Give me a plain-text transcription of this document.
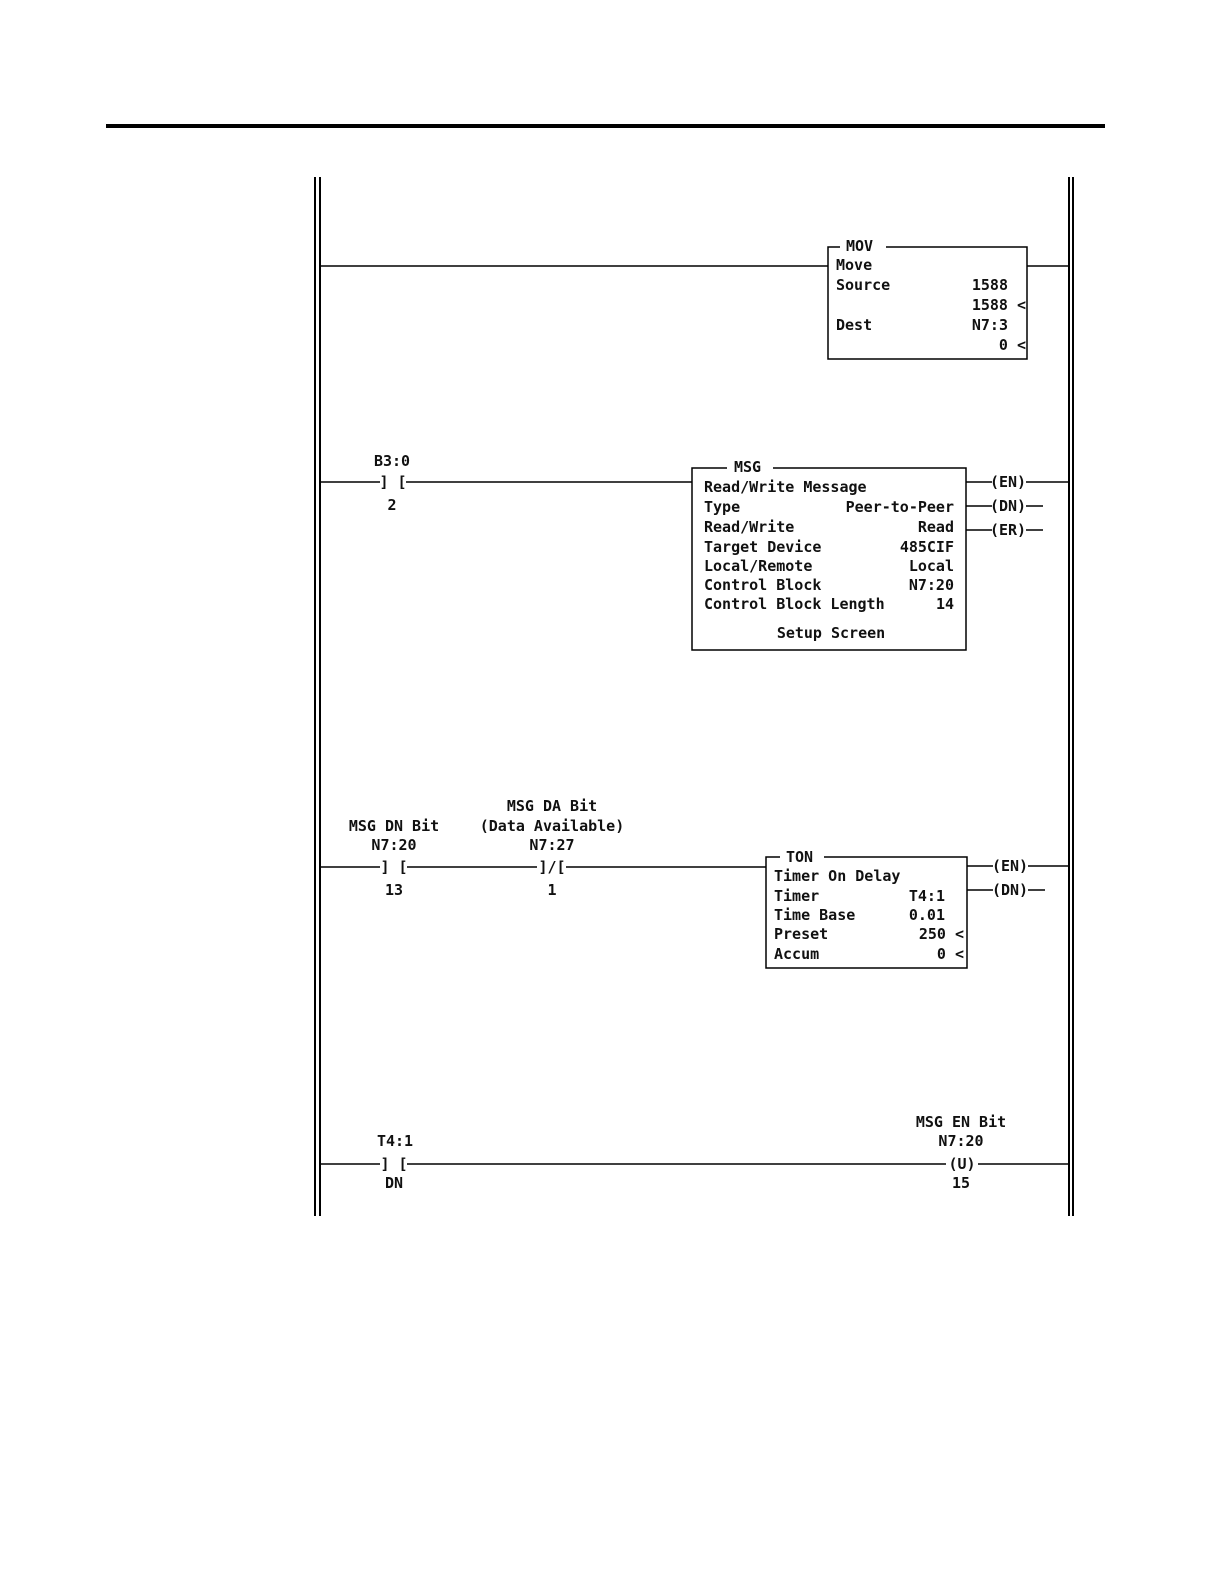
MOV
Move
Source	1588
1588 <
Dest	N7:3
0 <
B3:0
] [
2
MSG
Read/Write Message
Type	Peer-to-Peer
Read/Write	Read
Target Device	485CIF
Local/Remote	Local
Control Block	N7:20
Control Block Length	14
Setup Screen
(EN)
(DN)
(ER)
MSG DN Bit
N7:20
] [
13
MSG DA Bit
(Data Available)
N7:27
]/[
1
TON
Timer On Delay
Timer	T4:1
Time Base	0.01
Preset	250 <
Accum	0 <
(EN)
(DN)
T4:1
] [
DN
MSG EN Bit
N7:20
(U)
15
